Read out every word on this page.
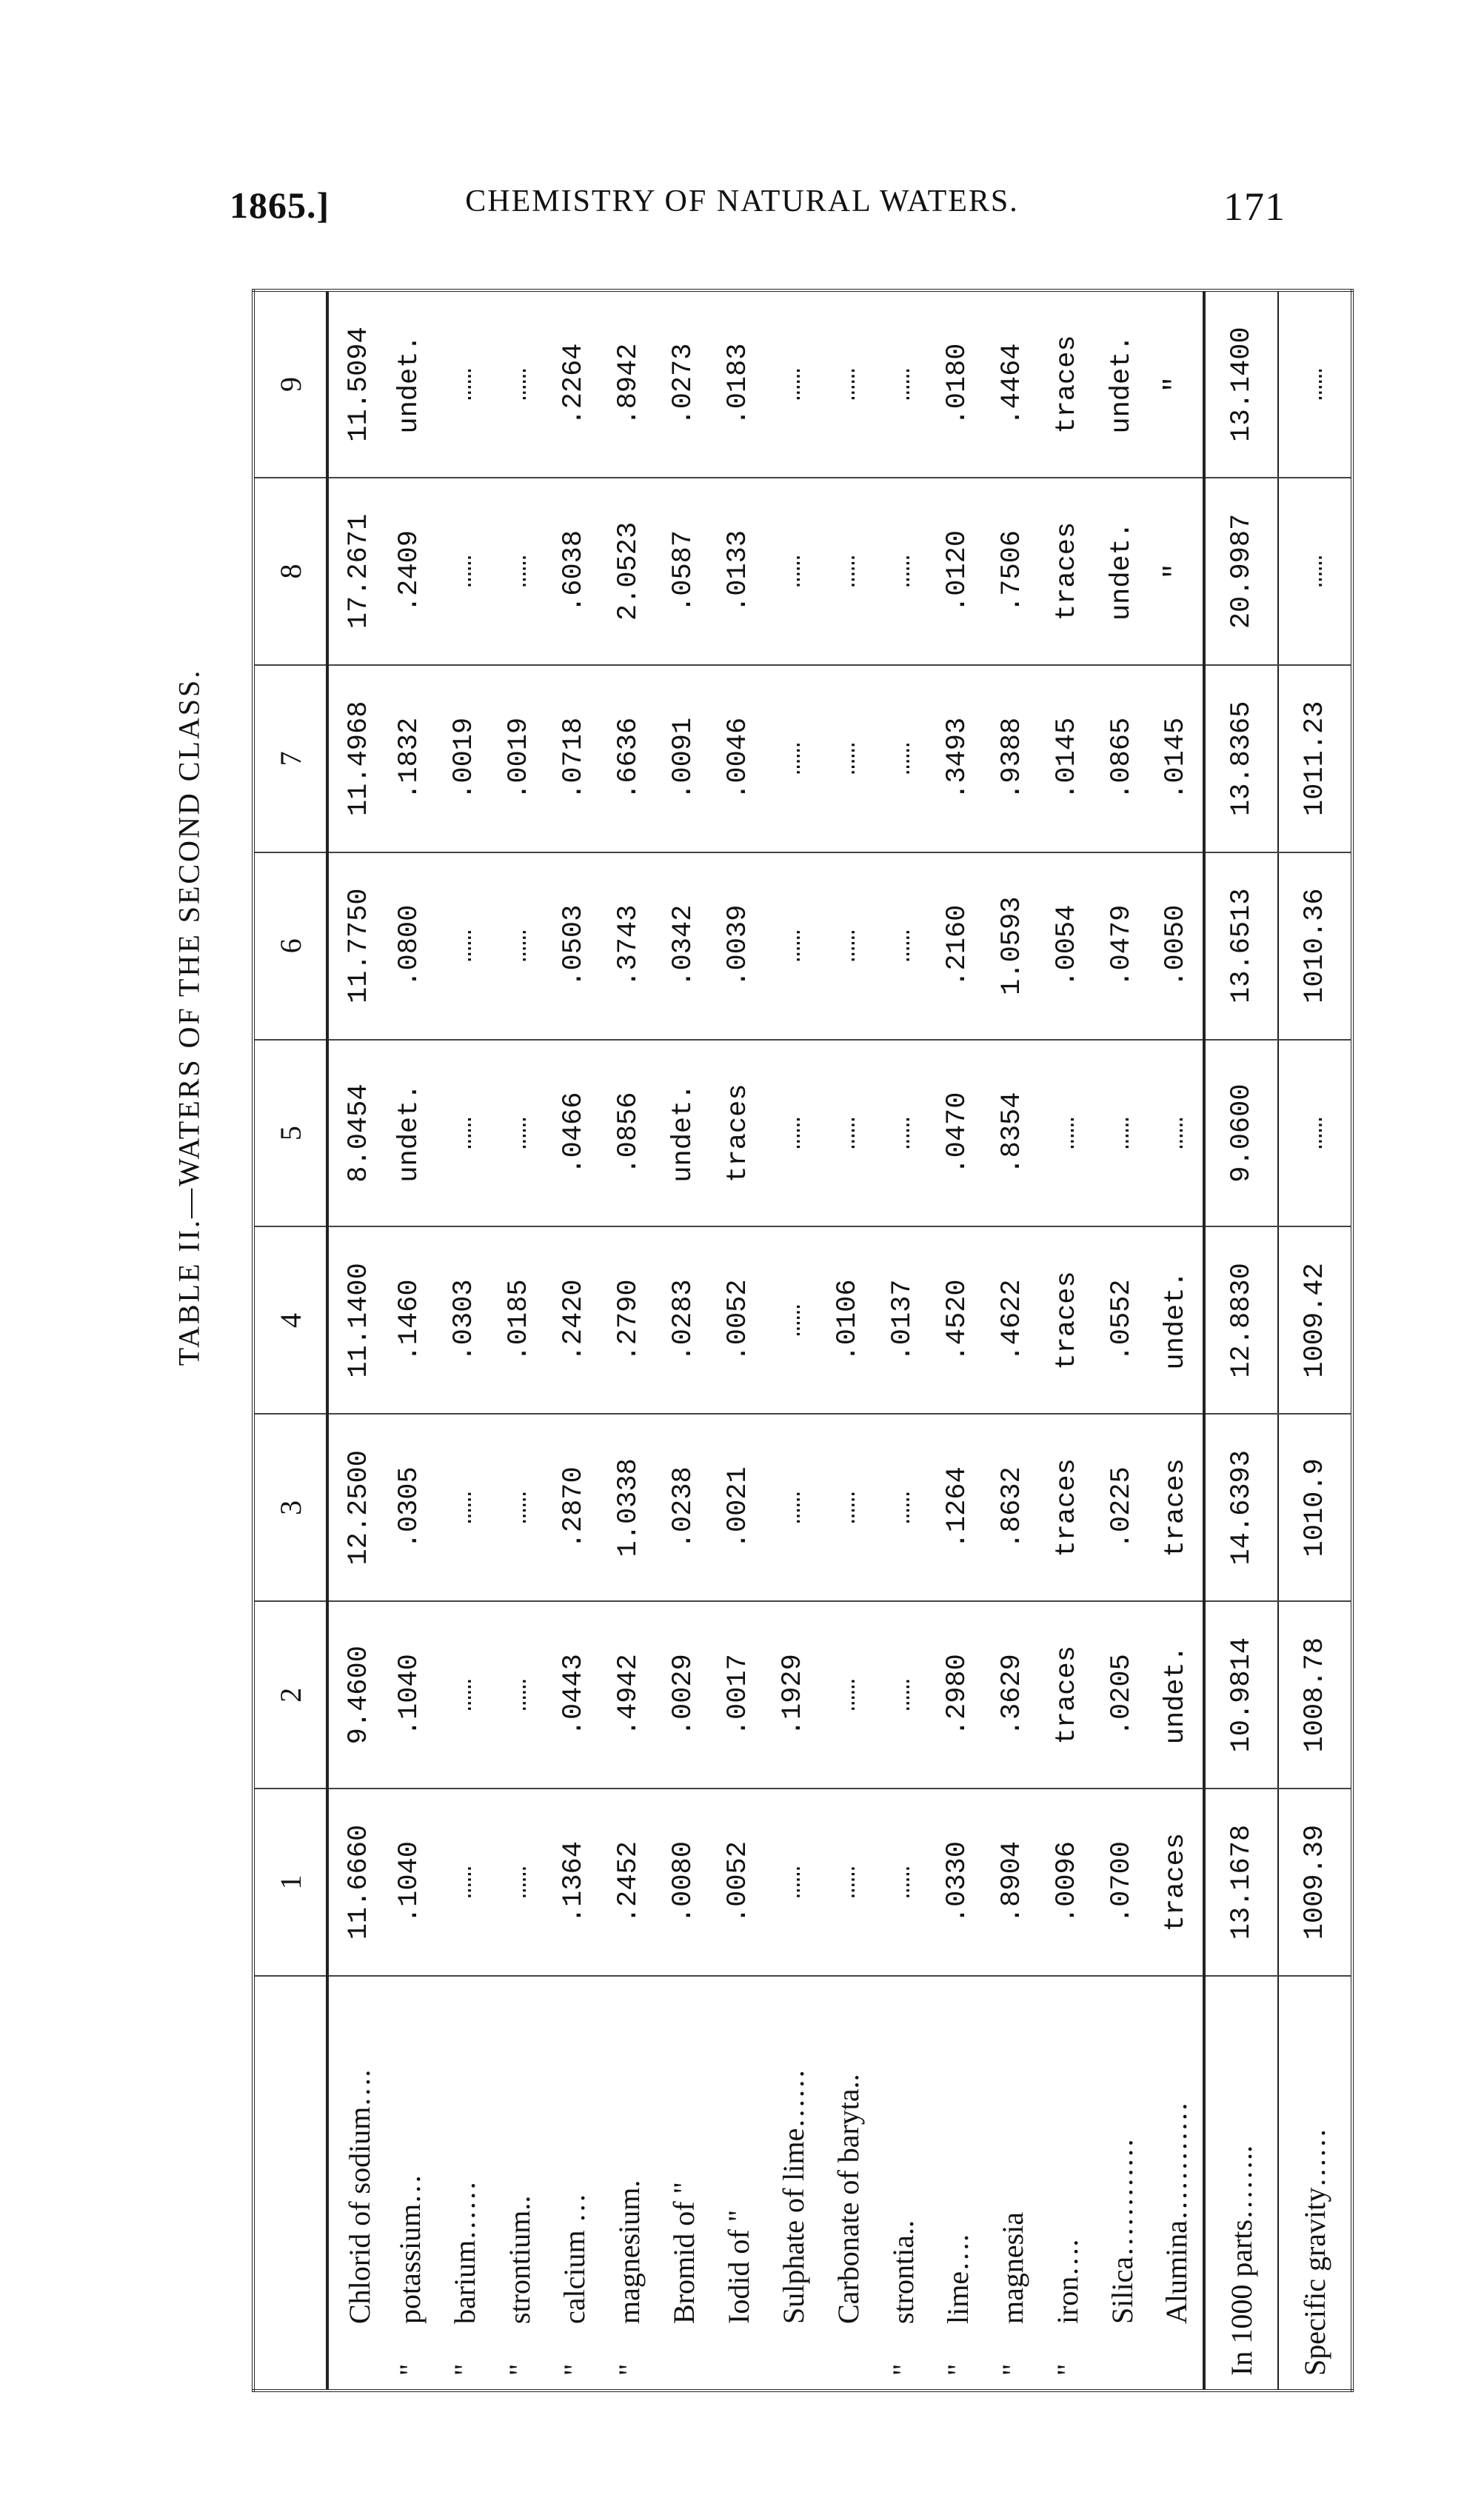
1865.]	CHEMISTRY OF NATURAL WATERS.	171
TABLE II.—WATERS OF THE SECOND CLASS.
	1	2	3	4	5	6	7	8	9
Chlorid of sodium….	11.6660	9.4600	12.2500	11.1400	8.0454	11.7750	11.4968	17.2671	11.5094
"potassium…	.1040	.1040	.0305	.1460	undet.	.0800	.1832	.2409	undet.
"barium……	……	……	……	.0303	……	……	.0019	……	……
"strontium..	……	……	……	.0185	……	……	.0019	……	……
"calcium …	.1364	.0443	.2870	.2420	.0466	.0503	.0718	.6038	.2264
"magnesium.	.2452	.4942	1.0338	.2790	.0856	.3743	.6636	2.0523	.8942
Bromid of "	.0080	.0029	.0238	.0283	undet.	.0342	.0091	.0587	.0273
Iodid of "	.0052	.0017	.0021	.0052	traces	.0039	.0046	.0133	.0183
Sulphate of lime……	……	.1929	……	……	……	……	……	……	……
Carbonate of baryta..	……	……	……	.0106	……	……	……	……	……
"strontia..	……	……	……	.0137	……	……	……	……	……
"lime….	.0330	.2980	.1264	.4520	.0470	.2160	.3493	.0120	.0180
"magnesia	.8904	.3629	.8632	.4622	.8354	1.0593	.9388	.7506	.4464
"iron….	.0096	traces	traces	traces	……	.0054	.0145	traces	traces
Silica…………	.0700	.0205	.0225	.0552	……	.0479	.0865	undet.	undet.
Alumina…………	traces	undet.	traces	undet.	……	.0050	.0145	"	"
In 1000 parts……..	13.1678	10.9814	14.6393	12.8830	9.0600	13.6513	13.8365	20.9987	13.1400
Specific gravity……	1009.39	1008.78	1010.9	1009.42	……	1010.36	1011.23	……	……
